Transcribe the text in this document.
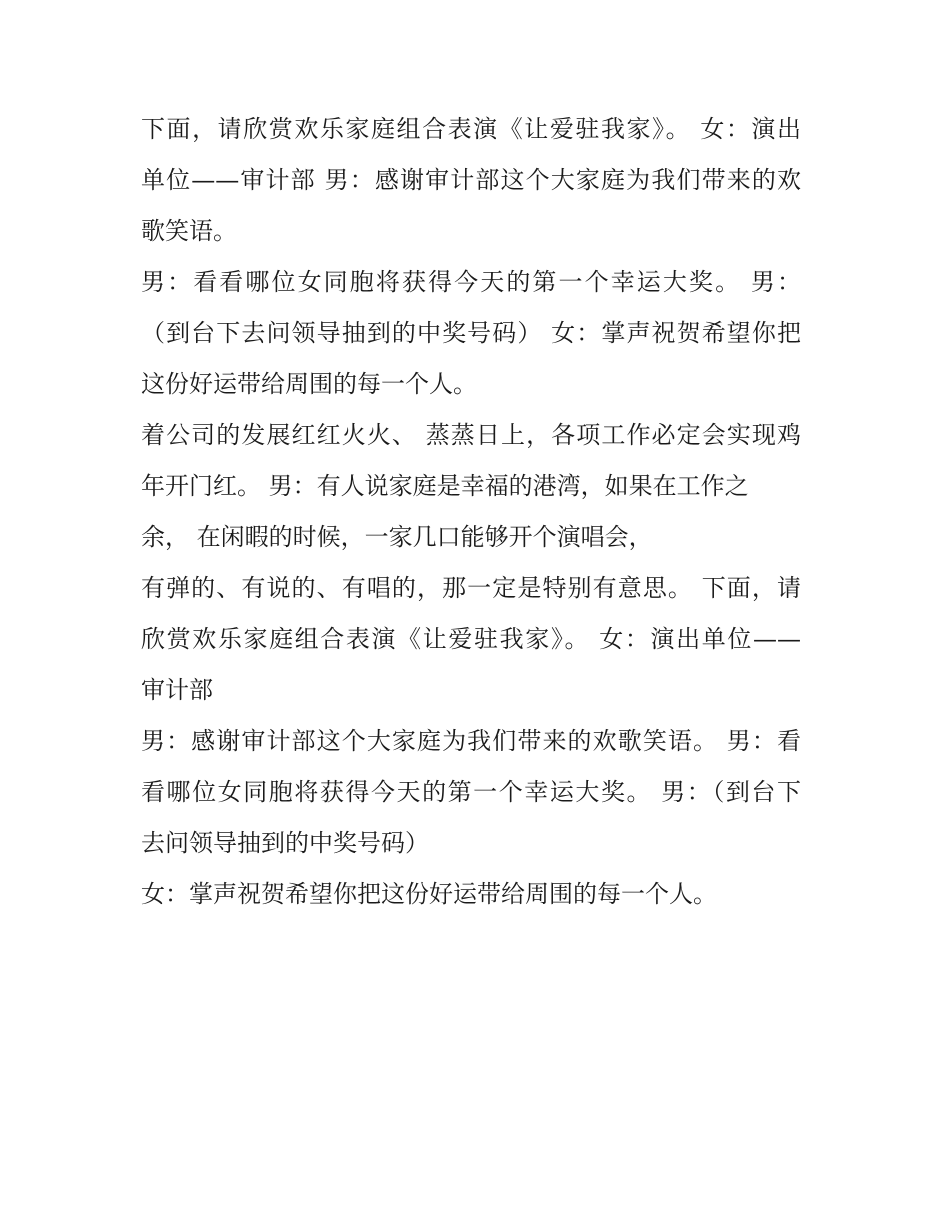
下面，请欣赏欢乐家庭组合表演《让爱驻我家》。 女：演出
单位——审计部 男：感谢审计部这个大家庭为我们带来的欢
歌笑语。
男：看看哪位女同胞将获得今天的第一个幸运大奖。 男：
（到台下去问领导抽到的中奖号码） 女：掌声祝贺希望你把
这份好运带给周围的每一个人。
着公司的发展红红火火、 蒸蒸日上，各项工作必定会实现鸡
年开门红。 男：有人说家庭是幸福的港湾，如果在工作之
余， 在闲暇的时候，一家几口能够开个演唱会，
有弹的、有说的、有唱的，那一定是特别有意思。 下面，请
欣赏欢乐家庭组合表演《让爱驻我家》。 女：演出单位——
审计部
男：感谢审计部这个大家庭为我们带来的欢歌笑语。 男：看
看哪位女同胞将获得今天的第一个幸运大奖。 男：（到台下
去问领导抽到的中奖号码）
女：掌声祝贺希望你把这份好运带给周围的每一个人。
